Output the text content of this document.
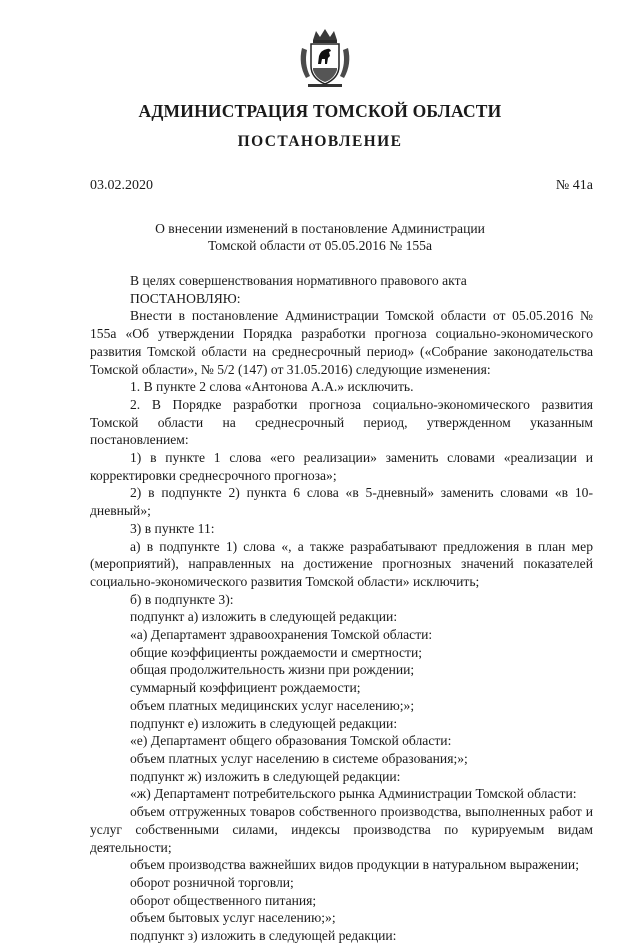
АДМИНИСТРАЦИЯ ТОМСКОЙ ОБЛАСТИ
ПОСТАНОВЛЕНИЕ
03.02.2020	№ 41а
О внесении изменений в постановление Администрации
Томской области от 05.05.2016 № 155а

В целях совершенствования нормативного правового акта

ПОСТАНОВЛЯЮ:

Внести в постановление Администрации Томской области от 05.05.2016 № 155а «Об утверждении Порядка разработки прогноза социально-экономического развития Томской области на среднесрочный период» («Собрание законодательства Томской области», № 5/2 (147) от 31.05.2016) следующие изменения:

1. В пункте 2 слова «Антонова А.А.» исключить.

2. В Порядке разработки прогноза социально-экономического развития Томской области на среднесрочный период, утвержденном указанным постановлением:

1) в пункте 1 слова «его реализации» заменить словами «реализации и корректировки среднесрочного прогноза»;

2) в подпункте 2) пункта 6 слова «в 5-дневный» заменить словами «в 10-дневный»;

3) в пункте 11:

а) в подпункте 1) слова «, а также разрабатывают предложения в план мер (мероприятий), направленных на достижение прогнозных значений показателей социально-экономического развития Томской области» исключить;

б) в подпункте 3):

подпункт а) изложить в следующей редакции:

«а) Департамент здравоохранения Томской области:

общие коэффициенты рождаемости и смертности;

общая продолжительность жизни при рождении;

суммарный коэффициент рождаемости;

объем платных медицинских услуг населению;»;

подпункт е) изложить в следующей редакции:

«е) Департамент общего образования Томской области:

объем платных услуг населению в системе образования;»;

подпункт ж) изложить в следующей редакции:

«ж) Департамент потребительского рынка Администрации Томской области:

объем отгруженных товаров собственного производства, выполненных работ и услуг собственными силами, индексы производства по курируемым видам деятельности;

объем производства важнейших видов продукции в натуральном выражении;

оборот розничной торговли;

оборот общественного питания;

объем бытовых услуг населению;»;

подпункт з) изложить в следующей редакции:
